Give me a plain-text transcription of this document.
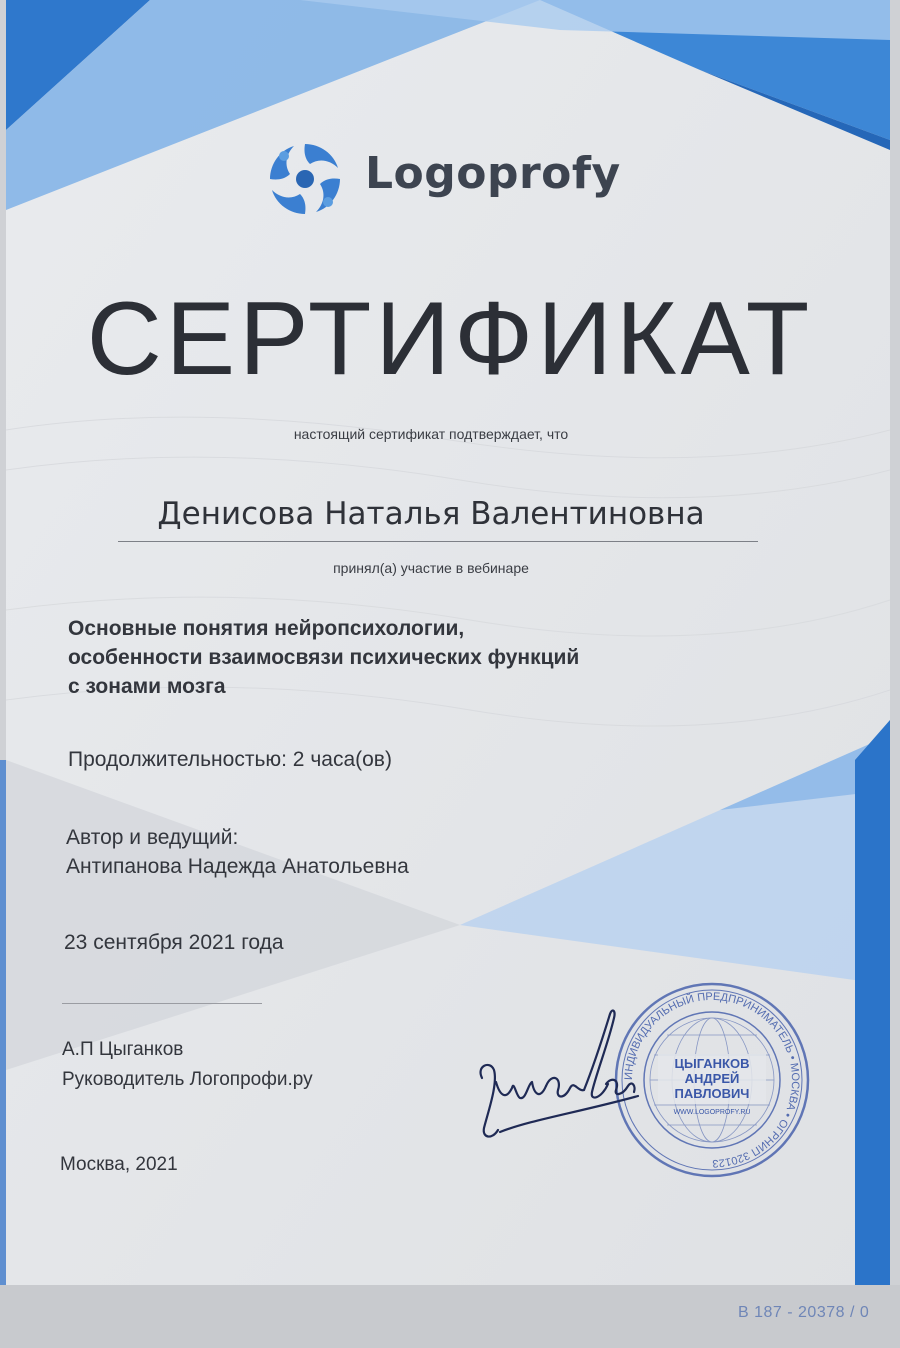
Logoprofy
СЕРТИФИКАТ
настоящий сертификат подтверждает, что
Денисова Наталья Валентиновна
принял(а) участие в вебинаре
Основные понятия нейропсихологии,
особенности взаимосвязи психических функций
с зонами мозга
Продолжительностью: 2 часа(ов)
Автор и ведущий:
Антипанова Надежда Анатольевна
23 сентября 2021 года
А.П Цыганков
Руководитель Логопрофи.ру
Москва, 2021
ИНДИВИДУАЛЬНЫЙ ПРЕДПРИНИМАТЕЛЬ • МОСКВА • ОГРНИП 320123
ЦЫГАНКОВ
АНДРЕЙ
ПАВЛОВИЧ
WWW.LOGOPROFY.RU
В 187 - 20378 / 0
